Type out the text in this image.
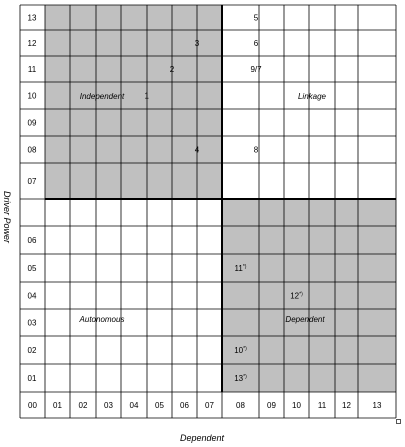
01
02
03
04
05
06
07
08
09
10
11
12
13
00 01 02 03 04 05 06 07	08	09 10 11 12	13
5
3	6
2	9/7
1
4	8
11*)
12*)
10*)
13*)
Independent	Linkage
Autonomous	Dependent
Driver Power
Dependent
